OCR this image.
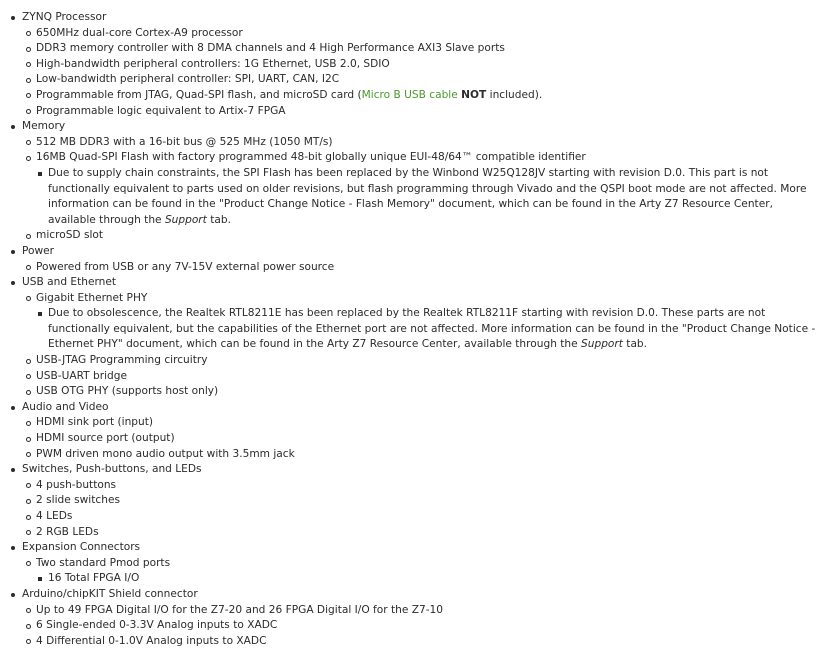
ZYNQ Processor
650MHz dual-core Cortex-A9 processor
DDR3 memory controller with 8 DMA channels and 4 High Performance AXI3 Slave ports
High-bandwidth peripheral controllers: 1G Ethernet, USB 2.0, SDIO
Low-bandwidth peripheral controller: SPI, UART, CAN, I2C
Programmable from JTAG, Quad-SPI flash, and microSD card (Micro B USB cable NOT included).
Programmable logic equivalent to Artix-7 FPGA
Memory
512 MB DDR3 with a 16-bit bus @ 525 MHz (1050 MT/s)
16MB Quad-SPI Flash with factory programmed 48-bit globally unique EUI-48/64™ compatible identifier
Due to supply chain constraints, the SPI Flash has been replaced by the Winbond W25Q128JV starting with revision D.0. This part is not functionally equivalent to parts used on older revisions, but flash programming through Vivado and the QSPI boot mode are not affected. More information can be found in the "Product Change Notice - Flash Memory" document, which can be found in the Arty Z7 Resource Center, available through the Support tab.
microSD slot
Power
Powered from USB or any 7V-15V external power source
USB and Ethernet
Gigabit Ethernet PHY
Due to obsolescence, the Realtek RTL8211E has been replaced by the Realtek RTL8211F starting with revision D.0. These parts are not functionally equivalent, but the capabilities of the Ethernet port are not affected. More information can be found in the "Product Change Notice - Ethernet PHY" document, which can be found in the Arty Z7 Resource Center, available through the Support tab.
USB-JTAG Programming circuitry
USB-UART bridge
USB OTG PHY (supports host only)
Audio and Video
HDMI sink port (input)
HDMI source port (output)
PWM driven mono audio output with 3.5mm jack
Switches, Push-buttons, and LEDs
4 push-buttons
2 slide switches
4 LEDs
2 RGB LEDs
Expansion Connectors
Two standard Pmod ports
16 Total FPGA I/O
Arduino/chipKIT Shield connector
Up to 49 FPGA Digital I/O for the Z7-20 and 26 FPGA Digital I/O for the Z7-10
6 Single-ended 0-3.3V Analog inputs to XADC
4 Differential 0-1.0V Analog inputs to XADC
